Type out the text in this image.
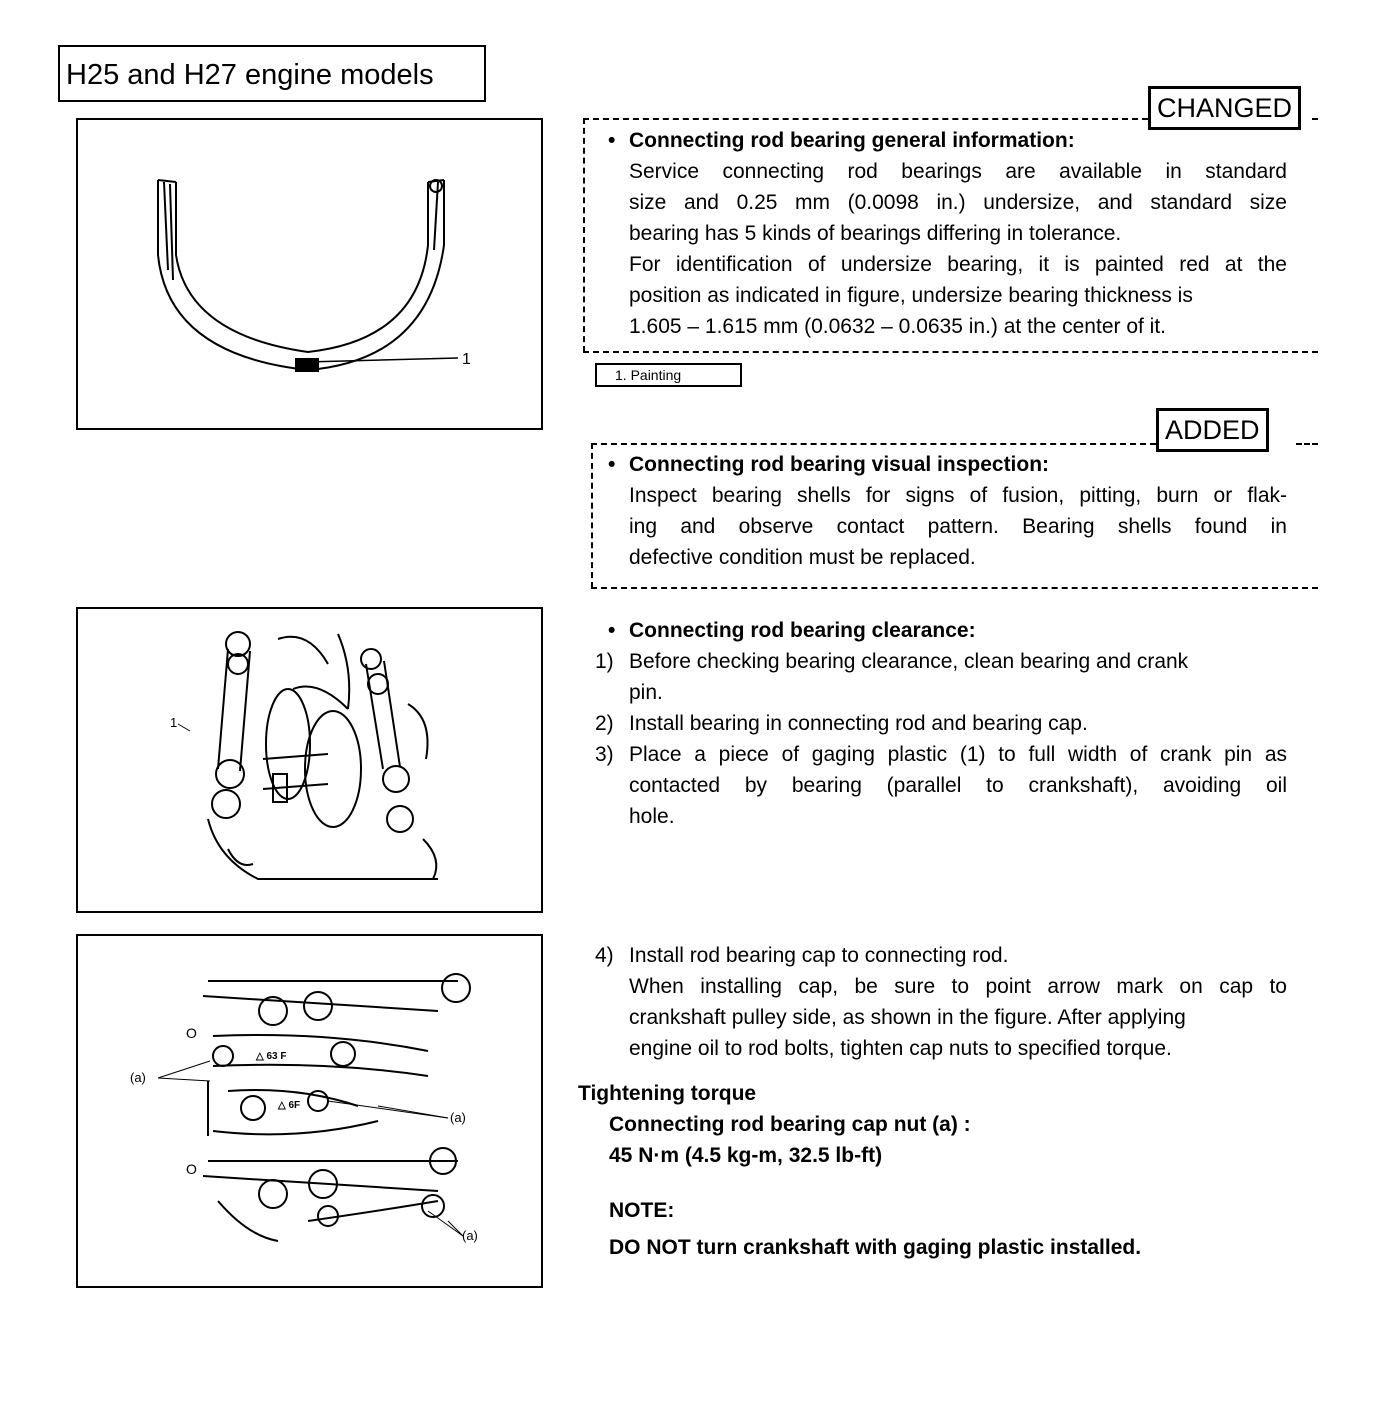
H25 and H27 engine models
1
1. Painting
CHANGED
• Connecting rod bearing general information:
Service connecting rod bearings are available in standard
size and 0.25 mm (0.0098 in.) undersize, and standard size
bearing has 5 kinds of bearings differing in tolerance.
For identification of undersize bearing, it is painted red at the
position as indicated in figure, undersize bearing thickness is
1.605 – 1.615 mm (0.0632 – 0.0635 in.) at the center of it.
ADDED
• Connecting rod bearing visual inspection:
Inspect bearing shells for signs of fusion, pitting, burn or flak-
ing and observe contact pattern. Bearing shells found in
defective condition must be replaced.
1
• Connecting rod bearing clearance:
1) Before checking bearing clearance, clean bearing and crank
pin.
2) Install bearing in connecting rod and bearing cap.
3) Place a piece of gaging plastic (1) to full width of crank pin as
contacted by bearing (parallel to crankshaft), avoiding oil
hole.
(a)
(a)
(a)
O
O
△ 63 F
△ 6F
4) Install rod bearing cap to connecting rod.
When installing cap, be sure to point arrow mark on cap to
crankshaft pulley side, as shown in the figure. After applying
engine oil to rod bolts, tighten cap nuts to specified torque.
Tightening torque
Connecting rod bearing cap nut (a) :
45 N·m (4.5 kg-m, 32.5 lb-ft)
NOTE:
DO NOT turn crankshaft with gaging plastic installed.
